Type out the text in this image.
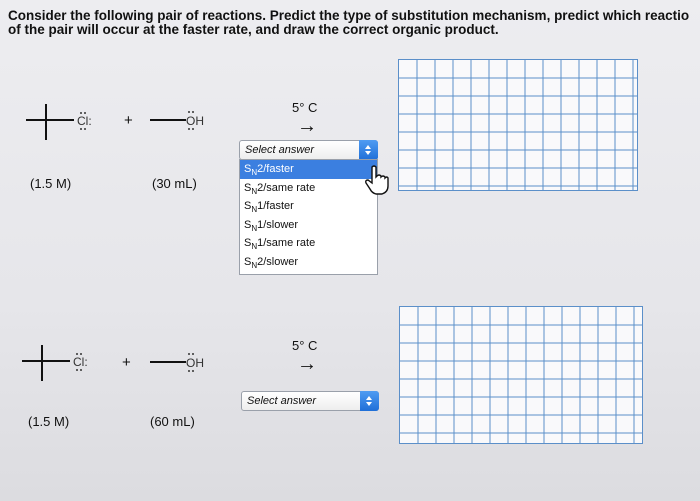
Consider the following pair of reactions. Predict the type of substitution mechanism, predict which reactio
of the pair will occur at the faster rate, and draw the correct organic product.
Cl: +	OH
5° C
→
(1.5 M)	(30 mL)
Select answer
$S_N2$/faster
$S_N2$/same rate
$S_N1$/faster
$S_N1$/slower
$S_N1$/same rate
$S_N2$/slower
Cl: +	OH
5° C
→
(1.5 M)	(60 mL)
Select answer
